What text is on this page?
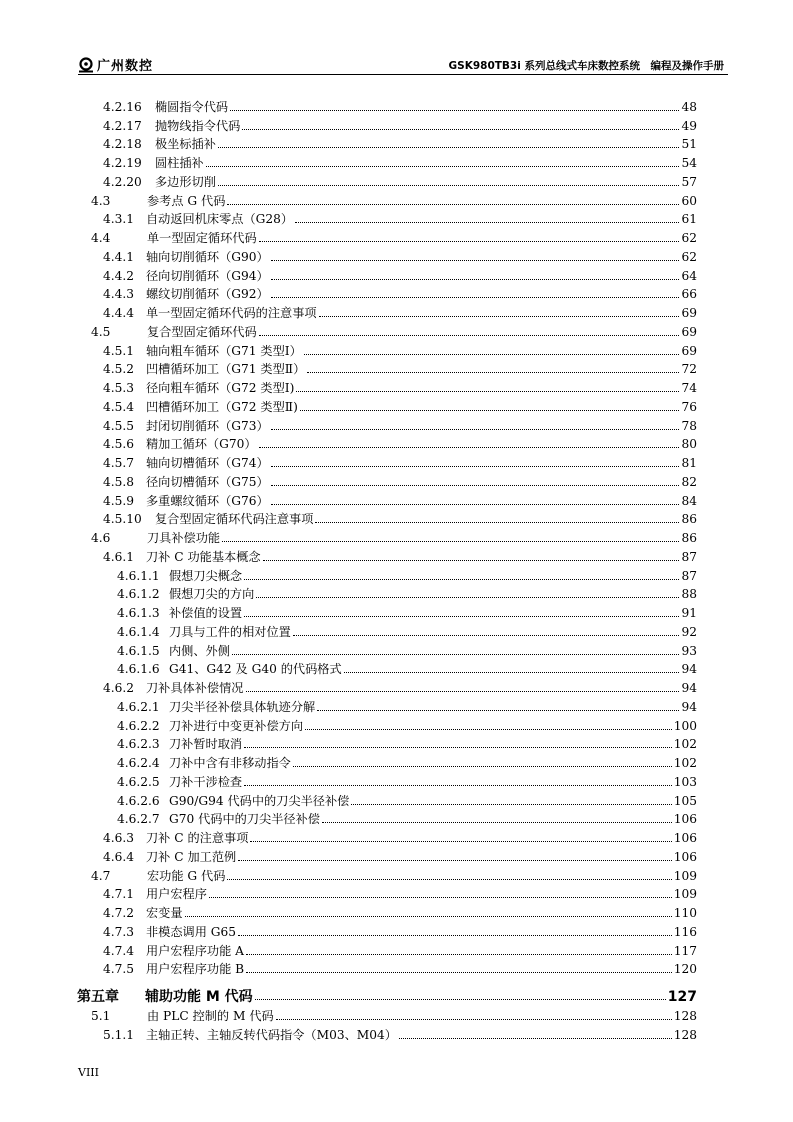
广州数控	GSK980TB3i 系列总线式车床数控系统　编程及操作手册
4.2.16	椭圆指令代码	48
4.2.17	抛物线指令代码	49
4.2.18	极坐标插补	51
4.2.19	圆柱插补	54
4.2.20	多边形切削	57
4.3	参考点 G 代码	60
4.3.1 自动返回机床零点（G28）	61
4.4	单一型固定循环代码	62
4.4.1 轴向切削循环（G90）	62
4.4.2 径向切削循环（G94）	64
4.4.3 螺纹切削循环（G92）	66
4.4.4 单一型固定循环代码的注意事项	69
4.5	复合型固定循环代码	69
4.5.1 轴向粗车循环（G71 类型Ⅰ）	69
4.5.2 凹槽循环加工（G71 类型Ⅱ）	72
4.5.3 径向粗车循环（G72 类型Ⅰ)	74
4.5.4 凹槽循环加工（G72 类型Ⅱ)	76
4.5.5 封闭切削循环（G73）	78
4.5.6 精加工循环（G70）	80
4.5.7 轴向切槽循环（G74）	81
4.5.8 径向切槽循环（G75）	82
4.5.9 多重螺纹循环（G76）	84
4.5.10	复合型固定循环代码注意事项	86
4.6	刀具补偿功能	86
4.6.1 刀补 C 功能基本概念	87
4.6.1.1 假想刀尖概念	87
4.6.1.2 假想刀尖的方向	88
4.6.1.3 补偿值的设置	91
4.6.1.4 刀具与工件的相对位置	92
4.6.1.5 内侧、外侧	93
4.6.1.6 G41、G42 及 G40 的代码格式	94
4.6.2 刀补具体补偿情况	94
4.6.2.1 刀尖半径补偿具体轨迹分解	94
4.6.2.2 刀补进行中变更补偿方向	100
4.6.2.3 刀补暂时取消	102
4.6.2.4 刀补中含有非移动指令	102
4.6.2.5 刀补干涉检查	103
4.6.2.6 G90/G94 代码中的刀尖半径补偿	105
4.6.2.7 G70 代码中的刀尖半径补偿	106
4.6.3 刀补 C 的注意事项	106
4.6.4 刀补 C 加工范例	106
4.7	宏功能 G 代码	109
4.7.1 用户宏程序	109
4.7.2 宏变量	110
4.7.3 非模态调用 G65	116
4.7.4 用户宏程序功能 A	117
4.7.5 用户宏程序功能 B	120
第五章	辅助功能 M 代码	127
5.1	由 PLC 控制的 M 代码	128
5.1.1 主轴正转、主轴反转代码指令（M03、M04）	128
VIII
